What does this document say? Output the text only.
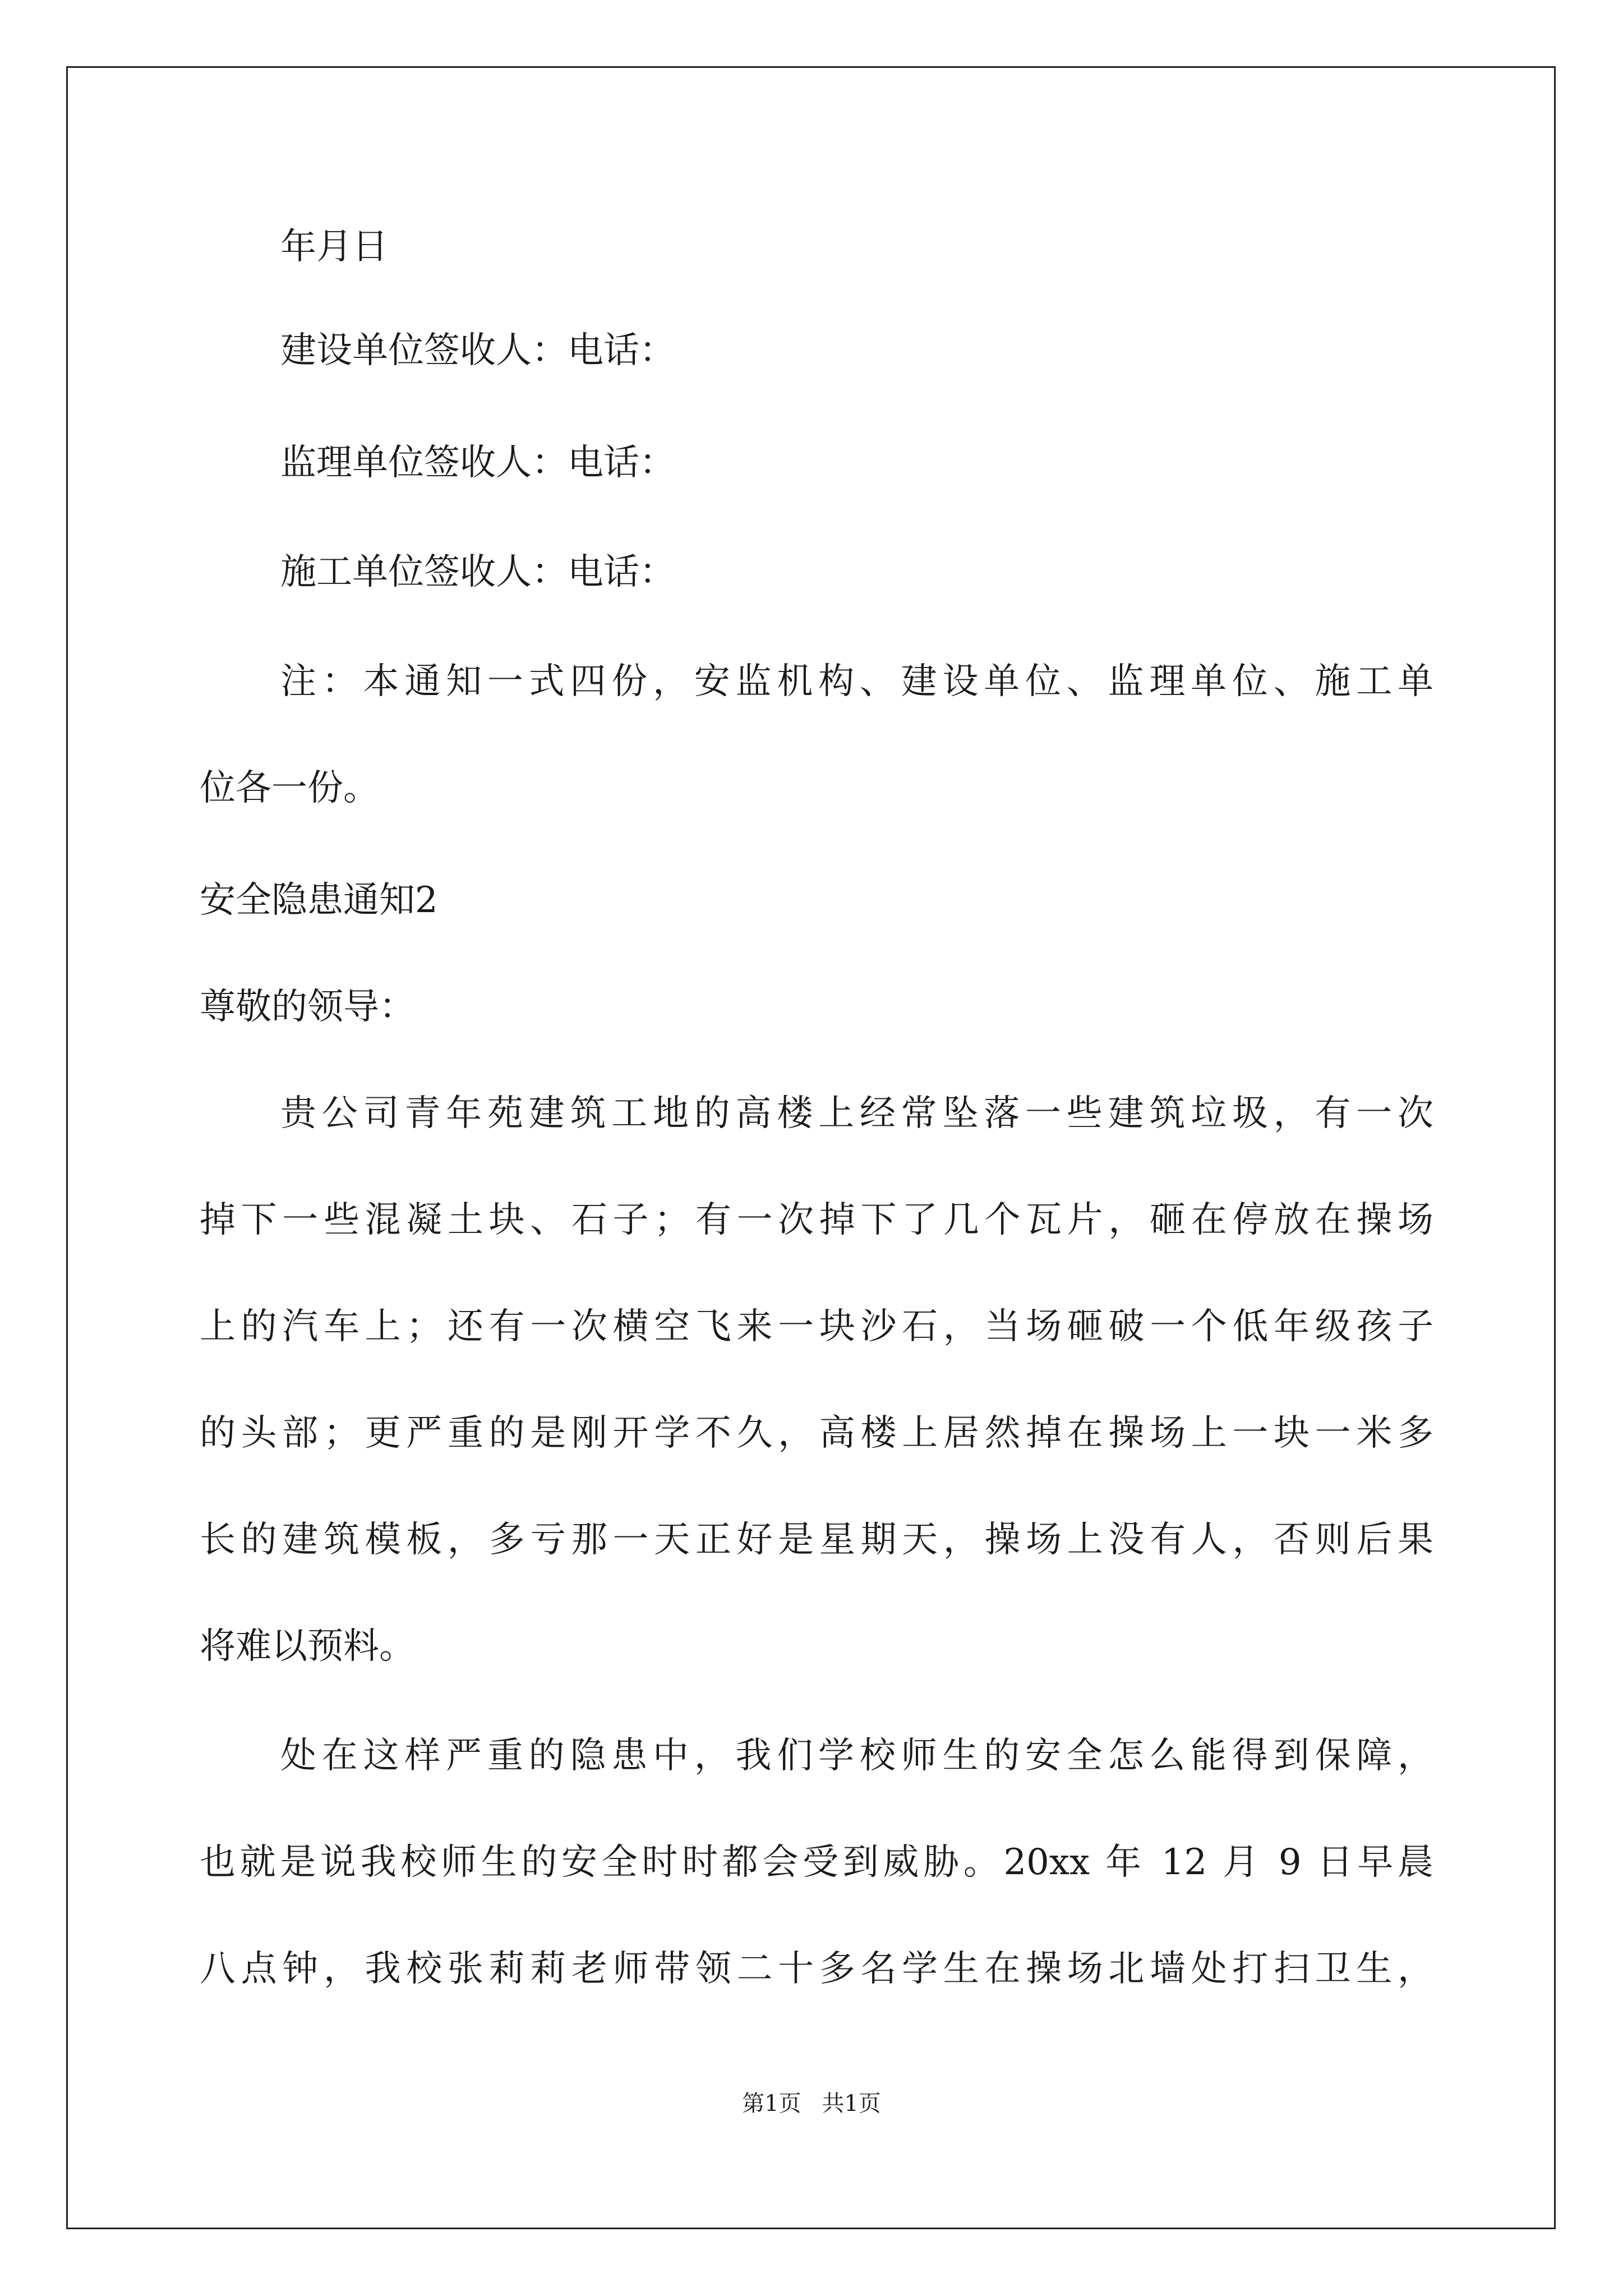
年月日
建设单位签收人：电话：
监理单位签收人：电话：
施工单位签收人：电话：
注：本通知一式四份，安监机构、建设单位、监理单位、施工单
位各一份。
安全隐患通知2
尊敬的领导：
贵公司青年苑建筑工地的高楼上经常坠落一些建筑垃圾，有一次
掉下一些混凝土块、石子；有一次掉下了几个瓦片，砸在停放在操场
上的汽车上；还有一次横空飞来一块沙石，当场砸破一个低年级孩子
的头部；更严重的是刚开学不久，高楼上居然掉在操场上一块一米多
长的建筑模板，多亏那一天正好是星期天，操场上没有人，否则后果
将难以预料。
处在这样严重的隐患中，我们学校师生的安全怎么能得到保障，
也就是说我校师生的安全时时都会受到威胁。20xx 年 12 月 9 日早晨
八点钟，我校张莉莉老师带领二十多名学生在操场北墙处打扫卫生，
第1页 共1页
